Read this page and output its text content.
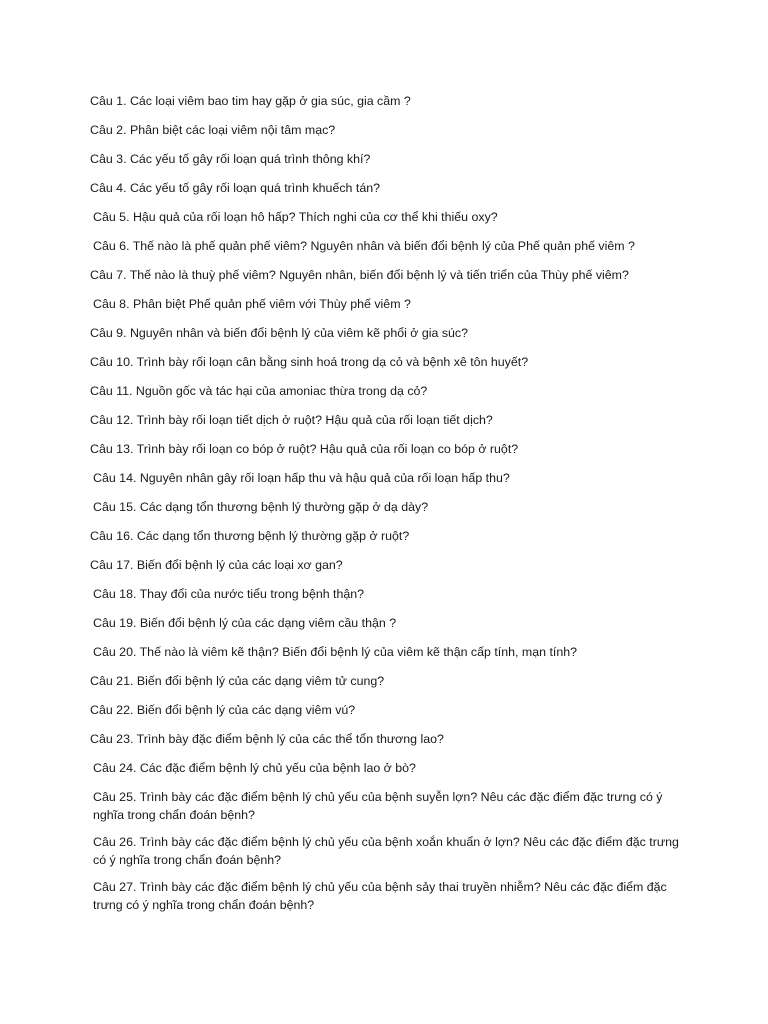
Câu 1. Các loại viêm bao tim hay gặp ở gia súc, gia cầm ?
Câu 2. Phân biệt các loại viêm nội tâm mạc?
Câu 3. Các yếu tố gây rối loạn quá trình thông khí?
Câu 4. Các yếu tố gây rối loạn quá trình khuếch tán?
Câu 5. Hậu quả của rối loạn hô hấp? Thích nghi của cơ thể khi thiếu oxy?
Câu 6. Thế nào là phế quản phế viêm? Nguyên nhân và biến đổi bệnh lý của Phế quản phế viêm ?
Câu 7. Thế nào là thuỳ phế viêm? Nguyên nhân, biến đổi bệnh lý và tiến triển của Thùy phế viêm?
Câu 8. Phân biệt Phế quản phế viêm với Thùy phế viêm ?
Câu 9. Nguyên nhân và biến đổi bệnh lý của viêm kẽ phổi ở gia súc?
Câu 10. Trình bày rối loạn cân bằng sinh hoá trong dạ cỏ và bệnh xê tôn huyết?
Câu 11. Nguồn gốc và tác hại của amoniac thừa trong dạ cỏ?
Câu 12. Trình bày rối loạn tiết dịch ở ruột? Hậu quả của rối loạn tiết dịch?
Câu 13. Trình bày rối loạn co bóp ở ruột? Hậu quả của rối loạn co bóp ở ruột?
Câu 14. Nguyên nhân gây rối loạn hấp thu và hậu quả của rối loạn hấp thu?
Câu 15. Các dạng tổn thương bệnh lý thường gặp ở dạ dày?
Câu 16. Các dạng tổn thương bệnh lý thường gặp ở ruột?
Câu 17. Biến đổi bệnh lý của các loại xơ gan?
Câu 18. Thay đổi của nước tiểu trong bệnh thận?
Câu 19. Biến đổi bệnh lý của các dạng viêm cầu thận ?
Câu 20. Thế nào là viêm kẽ thận? Biến đổi bệnh lý của viêm kẽ thận cấp tính, mạn tính?
Câu 21. Biến đổi bệnh lý của các dạng viêm tử cung?
Câu 22. Biến đổi bệnh lý của các dạng viêm vú?
Câu 23. Trình bày đặc điểm bệnh lý của các thể tổn thương lao?
Câu 24. Các đặc điểm bệnh lý chủ yếu của bệnh lao ở bò?
Câu 25. Trình bày các đặc điểm bệnh lý chủ yếu của bệnh suyễn lợn? Nêu các đặc điểm đặc trưng có ý nghĩa trong chẩn đoán bệnh?
Câu 26. Trình bày các đặc điểm bệnh lý chủ yếu của bệnh xoắn khuẩn ở lợn? Nêu các đặc điểm đặc trưng có ý nghĩa trong chẩn đoán bệnh?
Câu 27. Trình bày các đặc điểm bệnh lý chủ yếu của bệnh sảy thai truyền nhiễm? Nêu các đặc điểm đặc trưng có ý nghĩa trong chẩn đoán bệnh?
